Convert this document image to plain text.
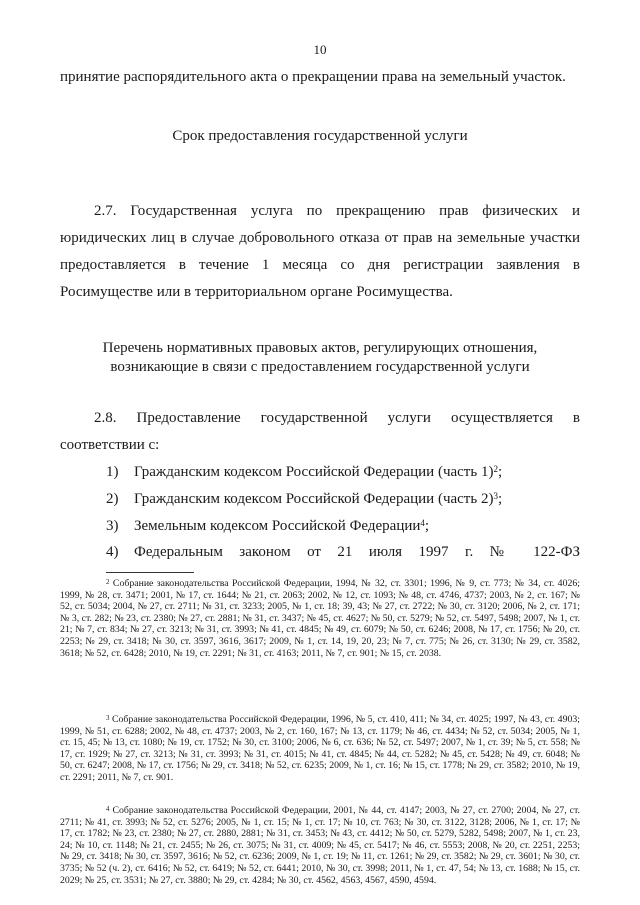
10
принятие распорядительного акта о прекращении права на земельный участок.
Срок предоставления государственной услуги
2.7. Государственная услуга по прекращению прав физических и
юридических лиц в случае добровольного отказа от прав на земельные участки
предоставляется в течение 1 месяца со дня регистрации заявления в
Росимуществе или в территориальном органе Росимущества.
Перечень нормативных правовых актов, регулирующих отношения,
возникающие в связи с предоставлением государственной услуги
2.8. Предоставление государственной услуги осуществляется в
соответствии с:
1) Гражданским кодексом Российской Федерации (часть 1)$^2$;
2) Гражданским кодексом Российской Федерации (часть 2)$^3$;
3) Земельным кодексом Российской Федерации$^4$;
4) Федеральным законом от 21 июля 1997 г. № 122-ФЗ
$^2$ Собрание законодательства Российской Федерации, 1994, № 32, ст. 3301; 1996, № 9, ст. 773; № 34, ст. 4026; 1999, № 28, ст. 3471; 2001, № 17, ст. 1644; № 21, ст. 2063; 2002, № 12, ст. 1093; № 48, ст. 4746, 4737; 2003, № 2, ст. 167; № 52, ст. 5034; 2004, № 27, ст. 2711; № 31, ст. 3233; 2005, № 1, ст. 18; 39, 43; № 27, ст. 2722; № 30, ст. 3120; 2006, № 2, ст. 171; № 3, ст. 282; № 23, ст. 2380; № 27, ст. 2881; № 31, ст. 3437; № 45, ст. 4627; № 50, ст. 5279; № 52, ст. 5497, 5498; 2007, № 1, ст. 21; № 7, ст. 834; № 27, ст. 3213; № 31, ст. 3993; № 41, ст. 4845; № 49, ст. 6079; № 50, ст. 6246; 2008, № 17, ст. 1756; № 20, ст. 2253; № 29, ст. 3418; № 30, ст. 3597, 3616, 3617; 2009, № 1, ст. 14, 19, 20, 23; № 7, ст. 775; № 26, ст. 3130; № 29, ст. 3582, 3618; № 52, ст. 6428; 2010, № 19, ст. 2291; № 31, ст. 4163; 2011, № 7, ст. 901; № 15, ст. 2038.
$^3$ Собрание законодательства Российской Федерации, 1996, № 5, ст. 410, 411; № 34, ст. 4025; 1997, № 43, ст. 4903; 1999, № 51, ст. 6288; 2002, № 48, ст. 4737; 2003, № 2, ст. 160, 167; № 13, ст. 1179; № 46, ст. 4434; № 52, ст. 5034; 2005, № 1, ст. 15, 45; № 13, ст. 1080; № 19, ст. 1752; № 30, ст. 3100; 2006, № 6, ст. 636; № 52, ст. 5497; 2007, № 1, ст. 39; № 5, ст. 558; № 17, ст. 1929; № 27, ст. 3213; № 31, ст. 3993; № 31, ст. 4015; № 41, ст. 4845; № 44, ст. 5282; № 45, ст. 5428; № 49, ст. 6048; № 50, ст. 6247; 2008, № 17, ст. 1756; № 29, ст. 3418; № 52, ст. 6235; 2009, № 1, ст. 16; № 15, ст. 1778; № 29, ст. 3582; 2010, № 19, ст. 2291; 2011, № 7, ст. 901.
$^4$ Собрание законодательства Российской Федерации, 2001, № 44, ст. 4147; 2003, № 27, ст. 2700; 2004, № 27, ст. 2711; № 41, ст. 3993; № 52, ст. 5276; 2005, № 1, ст. 15; № 1, ст. 17; № 10, ст. 763; № 30, ст. 3122, 3128; 2006, № 1, ст. 17; № 17, ст. 1782; № 23, ст. 2380; № 27, ст. 2880, 2881; № 31, ст. 3453; № 43, ст. 4412; № 50, ст. 5279, 5282, 5498; 2007, № 1, ст. 23, 24; № 10, ст. 1148; № 21, ст. 2455; № 26, ст. 3075; № 31, ст. 4009; № 45, ст. 5417; № 46, ст. 5553; 2008, № 20, ст. 2251, 2253; № 29, ст. 3418; № 30, ст. 3597, 3616; № 52, ст. 6236; 2009, № 1, ст. 19; № 11, ст. 1261; № 29, ст. 3582; № 29, ст. 3601; № 30, ст. 3735; № 52 (ч. 2), ст. 6416; № 52, ст. 6419; № 52, ст. 6441; 2010, № 30, ст. 3998; 2011, № 1, ст. 47, 54; № 13, ст. 1688; № 15, ст. 2029; № 25, ст. 3531; № 27, ст. 3880; № 29, ст. 4284; № 30, ст. 4562, 4563, 4567, 4590, 4594.
